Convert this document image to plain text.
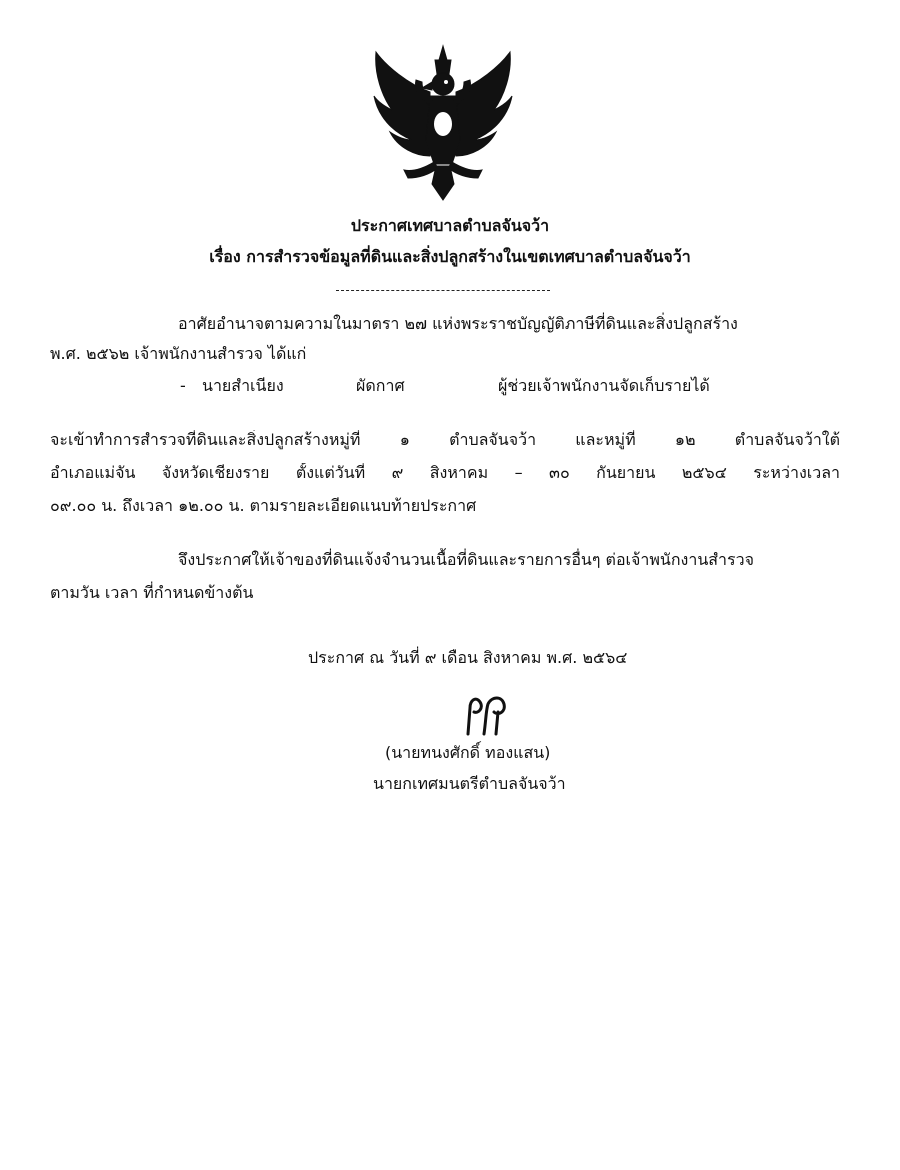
ประกาศเทศบาลตำบลจันจว้า
เรื่อง การสำรวจข้อมูลที่ดินและสิ่งปลูกสร้างในเขตเทศบาลตำบลจันจว้า
อาศัยอำนาจตามความในมาตรา ๒๗ แห่งพระราชบัญญัติภาษีที่ดินและสิ่งปลูกสร้าง
พ.ศ. ๒๕๖๒ เจ้าพนักงานสำรวจ ได้แก่
- นายสำเนียง	ผัดกาศ	ผู้ช่วยเจ้าพนักงานจัดเก็บรายได้
จะเข้าทำการสำรวจที่ดินและสิ่งปลูกสร้างหมู่ที่ ๑ ตำบลจันจว้า และหมู่ที่ ๑๒ ตำบลจันจว้าใต้
อำเภอแม่จัน จังหวัดเชียงราย ตั้งแต่วันที่ ๙ สิงหาคม – ๓๐ กันยายน ๒๕๖๔ ระหว่างเวลา
๐๙.๐๐ น. ถึงเวลา ๑๒.๐๐ น. ตามรายละเอียดแนบท้ายประกาศ
จึงประกาศให้เจ้าของที่ดินแจ้งจำนวนเนื้อที่ดินและรายการอื่นๆ ต่อเจ้าพนักงานสำรวจ
ตามวัน เวลา ที่กำหนดข้างต้น
ประกาศ ณ วันที่ ๙ เดือน สิงหาคม พ.ศ. ๒๕๖๔
(นายทนงศักดิ์ ทองแสน)
นายกเทศมนตรีตำบลจันจว้า
